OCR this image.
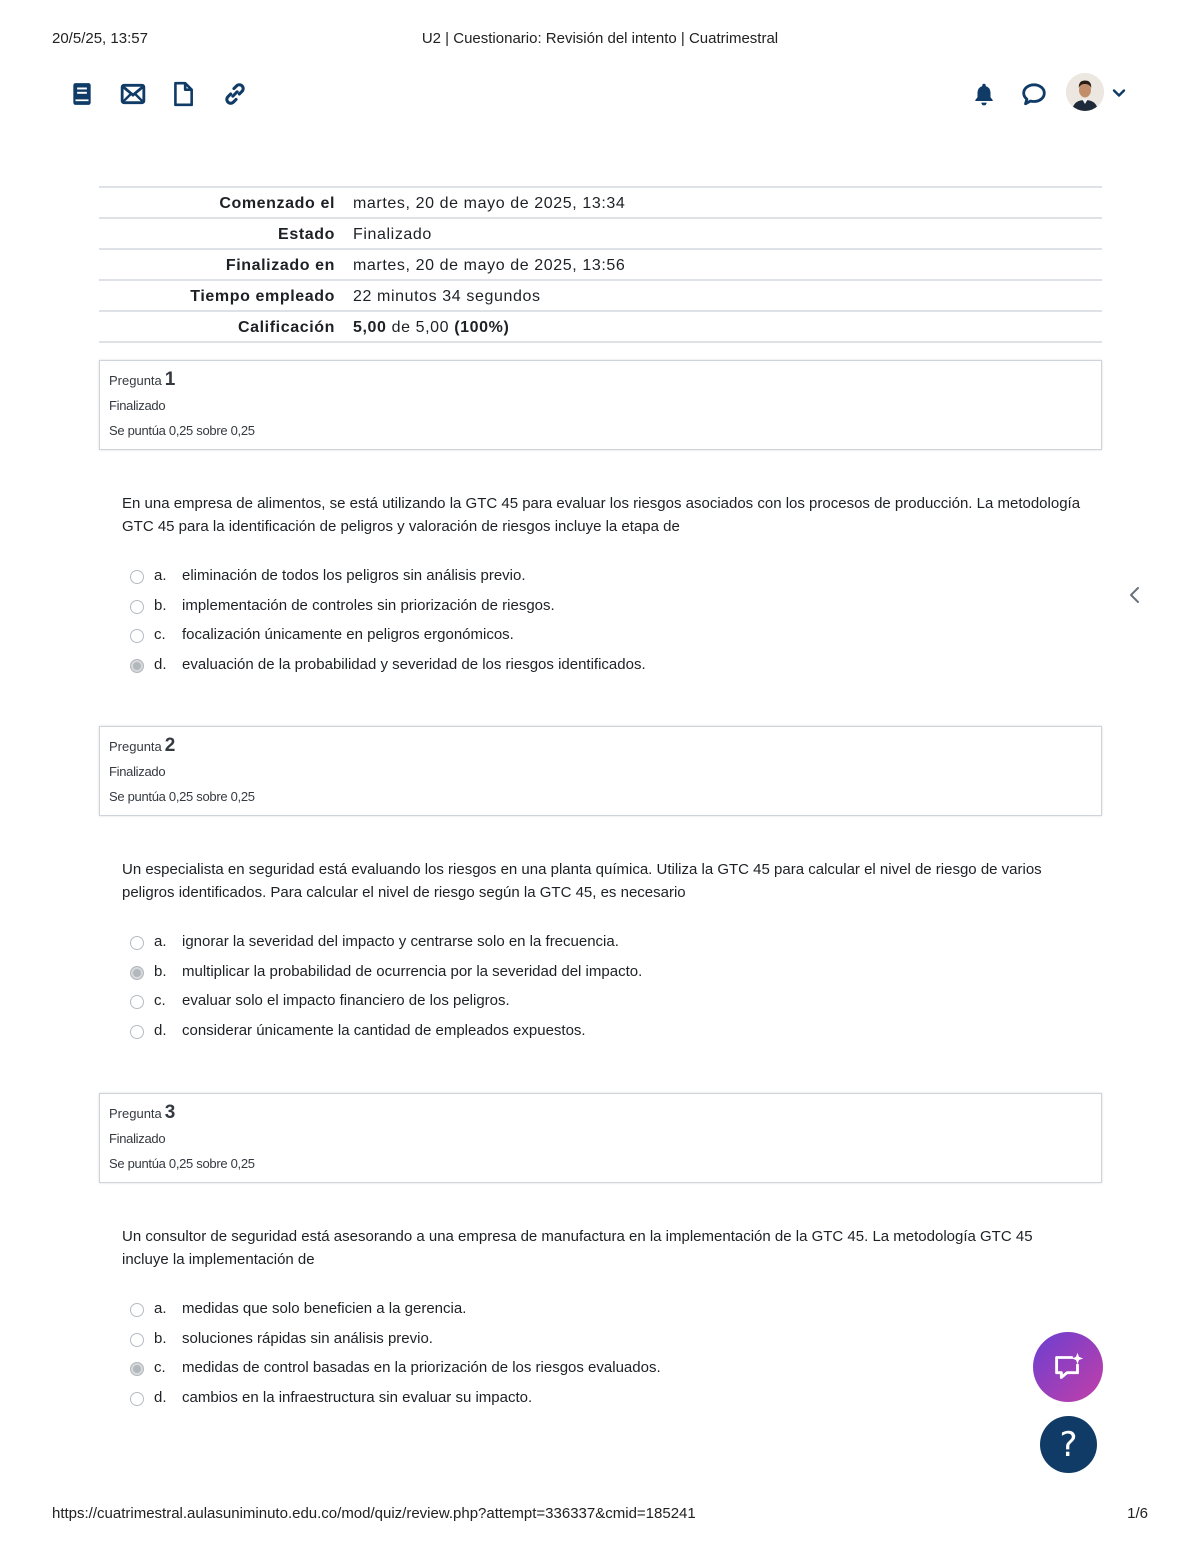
20/5/25, 13:57	U2 | Cuestionario: Revisión del intento | Cuatrimestral
Comenzado el	martes, 20 de mayo de 2025, 13:34
Estado	Finalizado
Finalizado en	martes, 20 de mayo de 2025, 13:56
Tiempo empleado	22 minutos 34 segundos
Calificación	5,00 de 5,00 (100%)
Pregunta 1
Finalizado
Se puntúa 0,25 sobre 0,25
En una empresa de alimentos, se está utilizando la GTC 45 para evaluar los riesgos asociados con los procesos de producción. La metodología GTC 45 para la identificación de peligros y valoración de riesgos incluye la etapa de
a. eliminación de todos los peligros sin análisis previo.
b. implementación de controles sin priorización de riesgos.
c. focalización únicamente en peligros ergonómicos.
d. evaluación de la probabilidad y severidad de los riesgos identificados.
Pregunta 2
Finalizado
Se puntúa 0,25 sobre 0,25
Un especialista en seguridad está evaluando los riesgos en una planta química. Utiliza la GTC 45 para calcular el nivel de riesgo de varios peligros identificados. Para calcular el nivel de riesgo según la GTC 45, es necesario
a. ignorar la severidad del impacto y centrarse solo en la frecuencia.
b. multiplicar la probabilidad de ocurrencia por la severidad del impacto.
c. evaluar solo el impacto financiero de los peligros.
d. considerar únicamente la cantidad de empleados expuestos.
Pregunta 3
Finalizado
Se puntúa 0,25 sobre 0,25
Un consultor de seguridad está asesorando a una empresa de manufactura en la implementación de la GTC 45. La metodología GTC 45 incluye la implementación de
a. medidas que solo beneficien a la gerencia.
b. soluciones rápidas sin análisis previo.
c. medidas de control basadas en la priorización de los riesgos evaluados.
d. cambios en la infraestructura sin evaluar su impacto.
?
https://cuatrimestral.aulasuniminuto.edu.co/mod/quiz/review.php?attempt=336337&cmid=185241	1/6
